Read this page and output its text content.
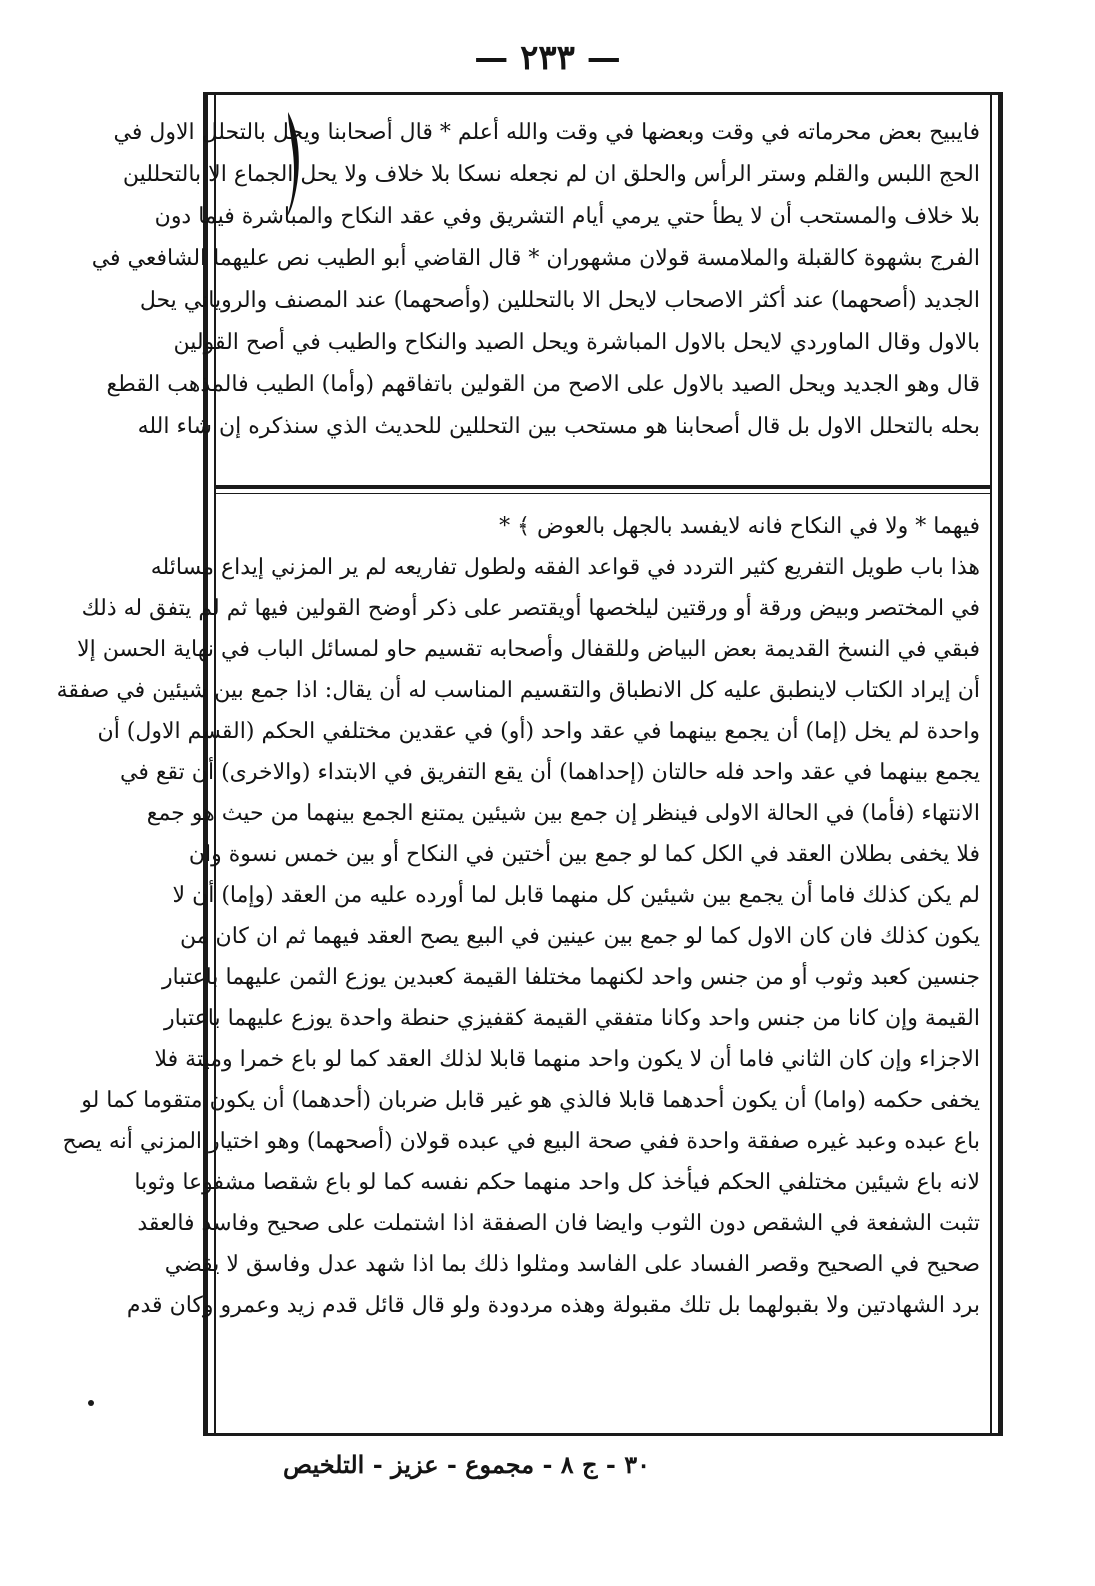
— ٢٣٣ —
فايبيح بعض محرماته في وقت وبعضها في وقت والله أعلم * قال أصحابنا ويحل بالتحلل الاول في
الحج اللبس والقلم وستر الرأس والحلق ان لم نجعله نسكا بلا خلاف ولا يحل الجماع الا بالتحللين
بلا خلاف والمستحب أن لا يطأ حتي يرمي أيام التشريق وفي عقد النكاح والمباشرة فيما دون
الفرج بشهوة كالقبلة والملامسة قولان مشهوران * قال القاضي أبو الطيب نص عليهما الشافعي في
الجديد (أصحهما) عند أكثر الاصحاب لايحل الا بالتحللين (وأصحهما) عند المصنف والروياني يحل
بالاول وقال الماوردي لايحل بالاول المباشرة ويحل الصيد والنكاح والطيب في أصح القولين
قال وهو الجديد ويحل الصيد بالاول على الاصح من القولين باتفاقهم (وأما) الطيب فالمذهب القطع
بحله بالتحلل الاول بل قال أصحابنا هو مستحب بين التحللين للحديث الذي سنذكره إن شاء الله
فيهما * ولا في النكاح فانه لايفسد بالجهل بالعوض ﴾ *
هذا باب طويل التفريع كثير التردد في قواعد الفقه ولطول تفاريعه لم ير المزني إيداع مسائله
في المختصر وبيض ورقة أو ورقتين ليلخصها أويقتصر على ذكر أوضح القولين فيها ثم لم يتفق له ذلك
فبقي في النسخ القديمة بعض البياض وللقفال وأصحابه تقسيم حاو لمسائل الباب في نهاية الحسن إلا
أن إيراد الكتاب لاينطبق عليه كل الانطباق والتقسيم المناسب له أن يقال: اذا جمع بين شيئين في صفقة
واحدة لم يخل (إما) أن يجمع بينهما في عقد واحد (أو) في عقدين مختلفي الحكم (القسم الاول) أن
يجمع بينهما في عقد واحد فله حالتان (إحداهما) أن يقع التفريق في الابتداء (والاخرى) أن تقع في
الانتهاء (فأما) في الحالة الاولى فينظر إن جمع بين شيئين يمتنع الجمع بينهما من حيث هو جمع
فلا يخفى بطلان العقد في الكل كما لو جمع بين أختين في النكاح أو بين خمس نسوة وان
لم يكن كذلك فاما أن يجمع بين شيئين كل منهما قابل لما أورده عليه من العقد (وإما) أن لا
يكون كذلك فان كان الاول كما لو جمع بين عينين في البيع يصح العقد فيهما ثم ان كان من
جنسين كعبد وثوب أو من جنس واحد لكنهما مختلفا القيمة كعبدين يوزع الثمن عليهما باعتبار
القيمة وإن كانا من جنس واحد وكانا متفقي القيمة كقفيزي حنطة واحدة يوزع عليهما باعتبار
الاجزاء وإن كان الثاني فاما أن لا يكون واحد منهما قابلا لذلك العقد كما لو باع خمرا وميتة فلا
يخفى حكمه (واما) أن يكون أحدهما قابلا فالذي هو غير قابل ضربان (أحدهما) أن يكون متقوما كما لو
باع عبده وعبد غيره صفقة واحدة ففي صحة البيع في عبده قولان (أصحهما) وهو اختيار المزني أنه يصح
لانه باع شيئين مختلفي الحكم فيأخذ كل واحد منهما حكم نفسه كما لو باع شقصا مشفوعا وثوبا
تثبت الشفعة في الشقص دون الثوب وايضا فان الصفقة اذا اشتملت على صحيح وفاسد فالعقد
صحيح في الصحيح وقصر الفساد على الفاسد ومثلوا ذلك بما اذا شهد عدل وفاسق لا يقضي
برد الشهادتين ولا بقبولهما بل تلك مقبولة وهذه مردودة ولو قال قائل قدم زيد وعمرو وكان قدم
٣٠ - ج ٨ - مجموع - عزيز - التلخيص
